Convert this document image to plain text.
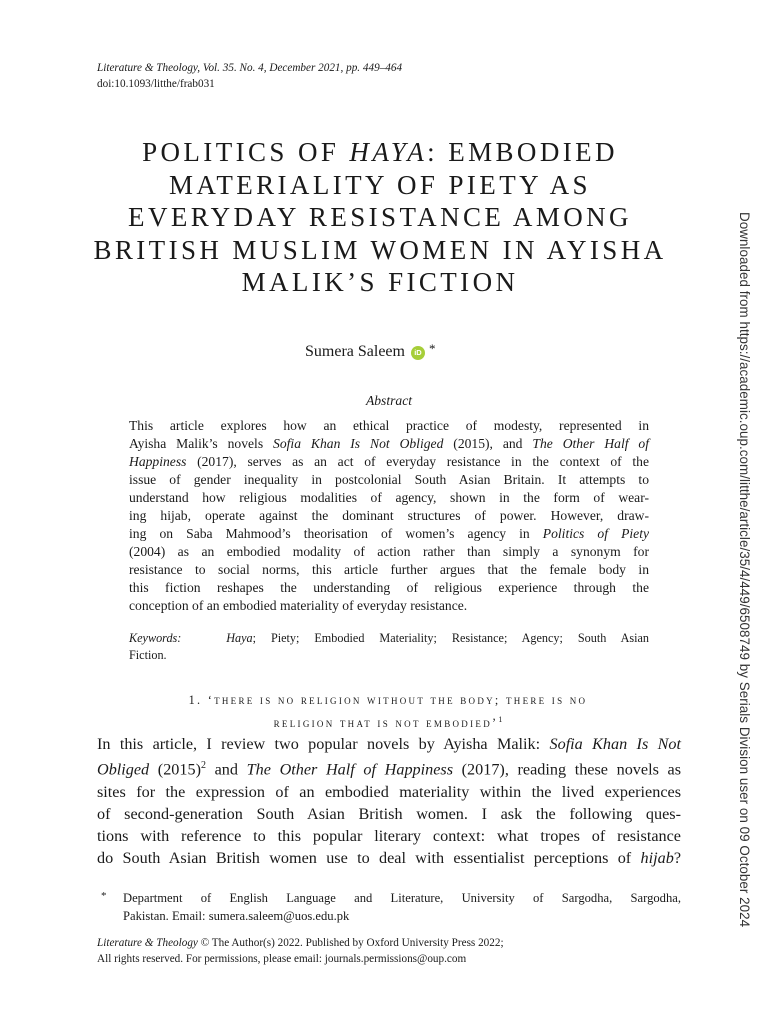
Literature & Theology, Vol. 35. No. 4, December 2021, pp. 449–464
doi:10.1093/litthe/frab031
POLITICS OF HAYA: EMBODIED MATERIALITY OF PIETY AS EVERYDAY RESISTANCE AMONG BRITISH MUSLIM WOMEN IN AYISHA MALIK’S FICTION
Sumera Saleem iD *
Abstract
This article explores how an ethical practice of modesty, represented in
Ayisha Malik’s novels Sofia Khan Is Not Obliged (2015), and The Other Half of
Happiness (2017), serves as an act of everyday resistance in the context of the
issue of gender inequality in postcolonial South Asian Britain. It attempts to
understand how religious modalities of agency, shown in the form of wear-
ing hijab, operate against the dominant structures of power. However, draw-
ing on Saba Mahmood’s theorisation of women’s agency in Politics of Piety
(2004) as an embodied modality of action rather than simply a synonym for
resistance to social norms, this article further argues that the female body in
this fiction reshapes the understanding of religious experience through the
conception of an embodied materiality of everyday resistance.
Keywords:   Haya; Piety; Embodied Materiality; Resistance; Agency; South Asian
Fiction.
1. ‘there is no religion without the body; there is no
religion that is not embodied’$^1$
In this article, I review two popular novels by Ayisha Malik: Sofia Khan Is Not
Obliged $(2015)^2$ and The Other Half of Happiness (2017), reading these novels as
sites for the expression of an embodied materiality within the lived experiences
of second-generation South Asian British women. I ask the following ques-
tions with reference to this popular literary context: what tropes of resistance
do South Asian British women use to deal with essentialist perceptions of hijab?
* Department of English Language and Literature, University of Sargodha, Sargodha,
Pakistan. Email: sumera.saleem@uos.edu.pk
Literature & Theology © The Author(s) 2022. Published by Oxford University Press 2022;
All rights reserved. For permissions, please email: journals.permissions@oup.com
Downloaded from https://academic.oup.com/litthe/article/35/4/449/6508749 by Serials Division user on 09 October 2024
